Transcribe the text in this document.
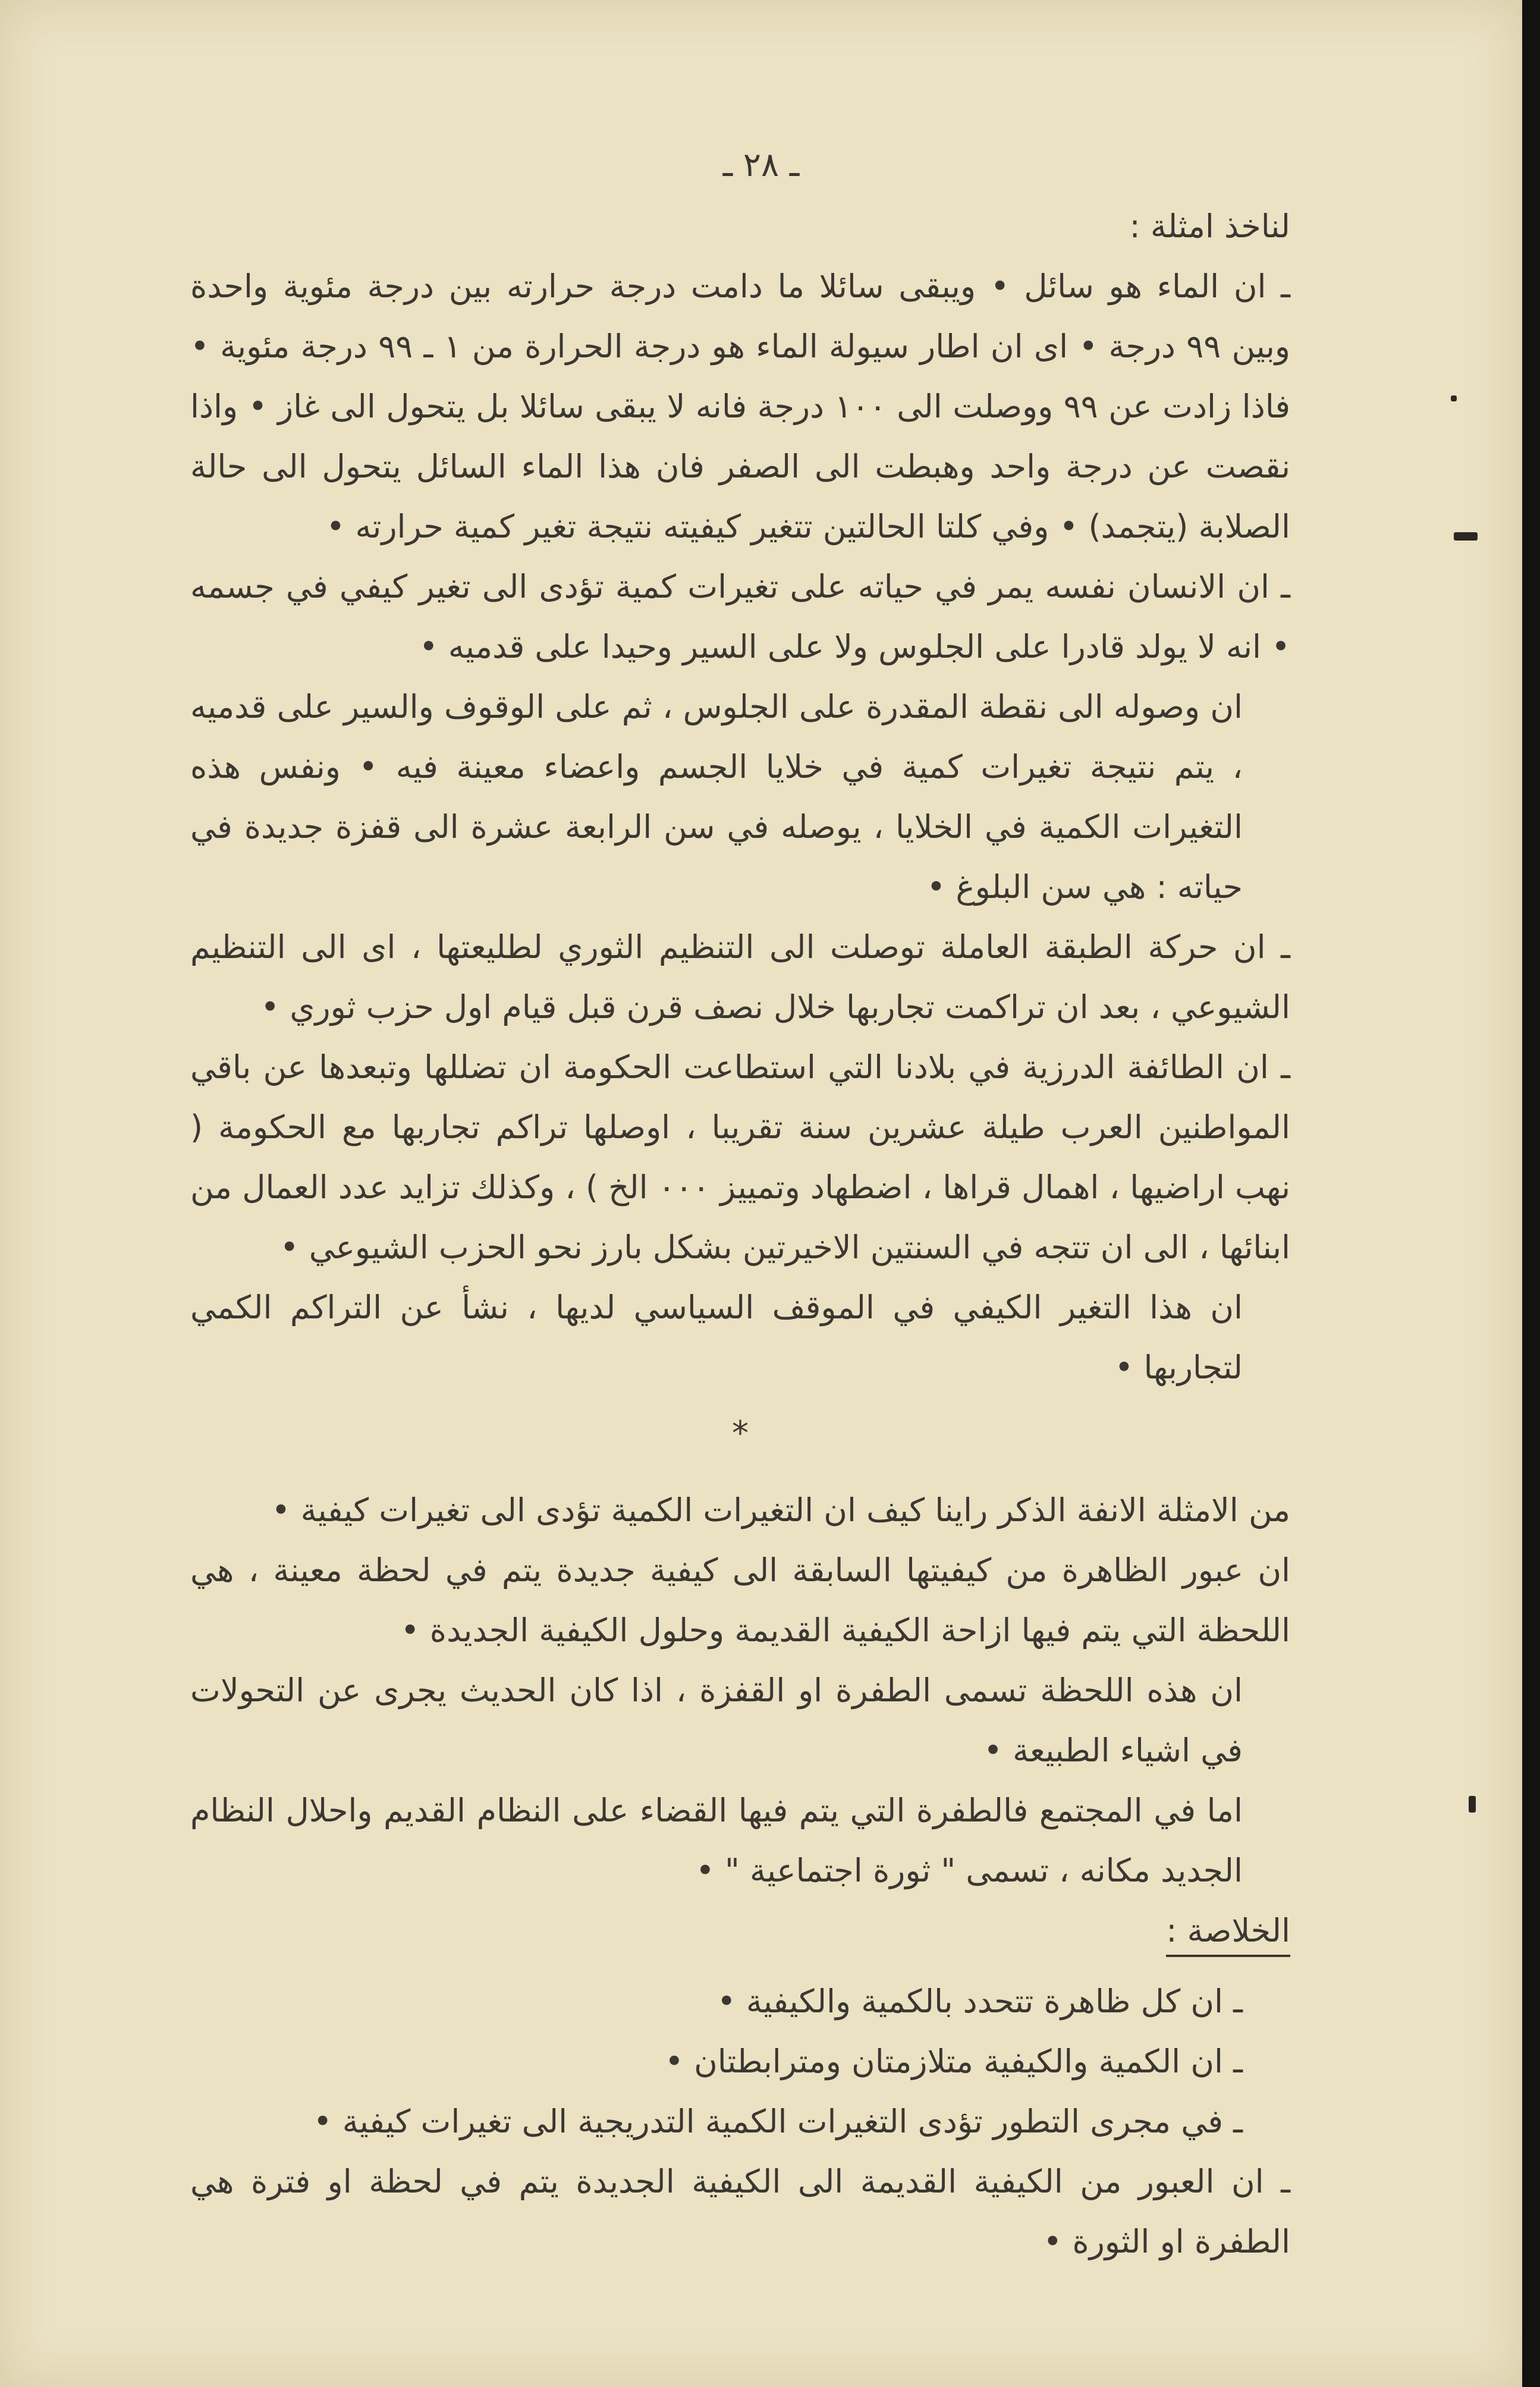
ـ ٢٨ ـ

لناخذ امثلة :

ـ ان الماء هو سائل • ويبقى سائلا ما دامت درجة حرارته بين درجة مئوية واحدة وبين ٩٩ درجة • اى ان اطار سيولة الماء هو درجة الحرارة من ١ ـ ٩٩ درجة مئوية • فاذا زادت عن ٩٩ ووصلت الى ١٠٠ درجة فانه لا يبقى سائلا بل يتحول الى غاز • واذا نقصت عن درجة واحد وهبطت الى الصفر فان هذا الماء السائل يتحول الى حالة الصلابة (يتجمد) • وفي كلتا الحالتين تتغير كيفيته نتيجة تغير كمية حرارته •

ـ ان الانسان نفسه يمر في حياته على تغيرات كمية تؤدى الى تغير كيفي في جسمه • انه لا يولد قادرا على الجلوس ولا على السير وحيدا على قدميه •

ان وصوله الى نقطة المقدرة على الجلوس ، ثم على الوقوف والسير على قدميه ، يتم نتيجة تغيرات كمية في خلايا الجسم واعضاء معينة فيه • ونفس هذه التغيرات الكمية في الخلايا ، يوصله في سن الرابعة عشرة الى قفزة جديدة في حياته : هي سن البلوغ •

ـ ان حركة الطبقة العاملة توصلت الى التنظيم الثوري لطليعتها ، اى الى التنظيم الشيوعي ، بعد ان تراكمت تجاربها خلال نصف قرن قبل قيام اول حزب ثوري •

ـ ان الطائفة الدرزية في بلادنا التي استطاعت الحكومة ان تضللها وتبعدها عن باقي المواطنين العرب طيلة عشرين سنة تقريبا ، اوصلها تراكم تجاربها مع الحكومة ( نهب اراضيها ، اهمال قراها ، اضطهاد وتمييز ٠٠٠ الخ ) ، وكذلك تزايد عدد العمال من ابنائها ، الى ان تتجه في السنتين الاخيرتين بشكل بارز نحو الحزب الشيوعي •

ان هذا التغير الكيفي في الموقف السياسي لديها ، نشأ عن التراكم الكمي لتجاربها •

*

من الامثلة الانفة الذكر راينا كيف ان التغيرات الكمية تؤدى الى تغيرات كيفية •

ان عبور الظاهرة من كيفيتها السابقة الى كيفية جديدة يتم في لحظة معينة ، هي اللحظة التي يتم فيها ازاحة الكيفية القديمة وحلول الكيفية الجديدة •

ان هذه اللحظة تسمى الطفرة او القفزة ، اذا كان الحديث يجرى عن التحولات في اشياء الطبيعة •

اما في المجتمع فالطفرة التي يتم فيها القضاء على النظام القديم واحلال النظام الجديد مكانه ، تسمى " ثورة اجتماعية " •

الخلاصة :

ـ ان كل ظاهرة تتحدد بالكمية والكيفية •

ـ ان الكمية والكيفية متلازمتان ومترابطتان •

ـ في مجرى التطور تؤدى التغيرات الكمية التدريجية الى تغيرات كيفية •

ـ ان العبور من الكيفية القديمة الى الكيفية الجديدة يتم في لحظة او فترة هي الطفرة او الثورة •
